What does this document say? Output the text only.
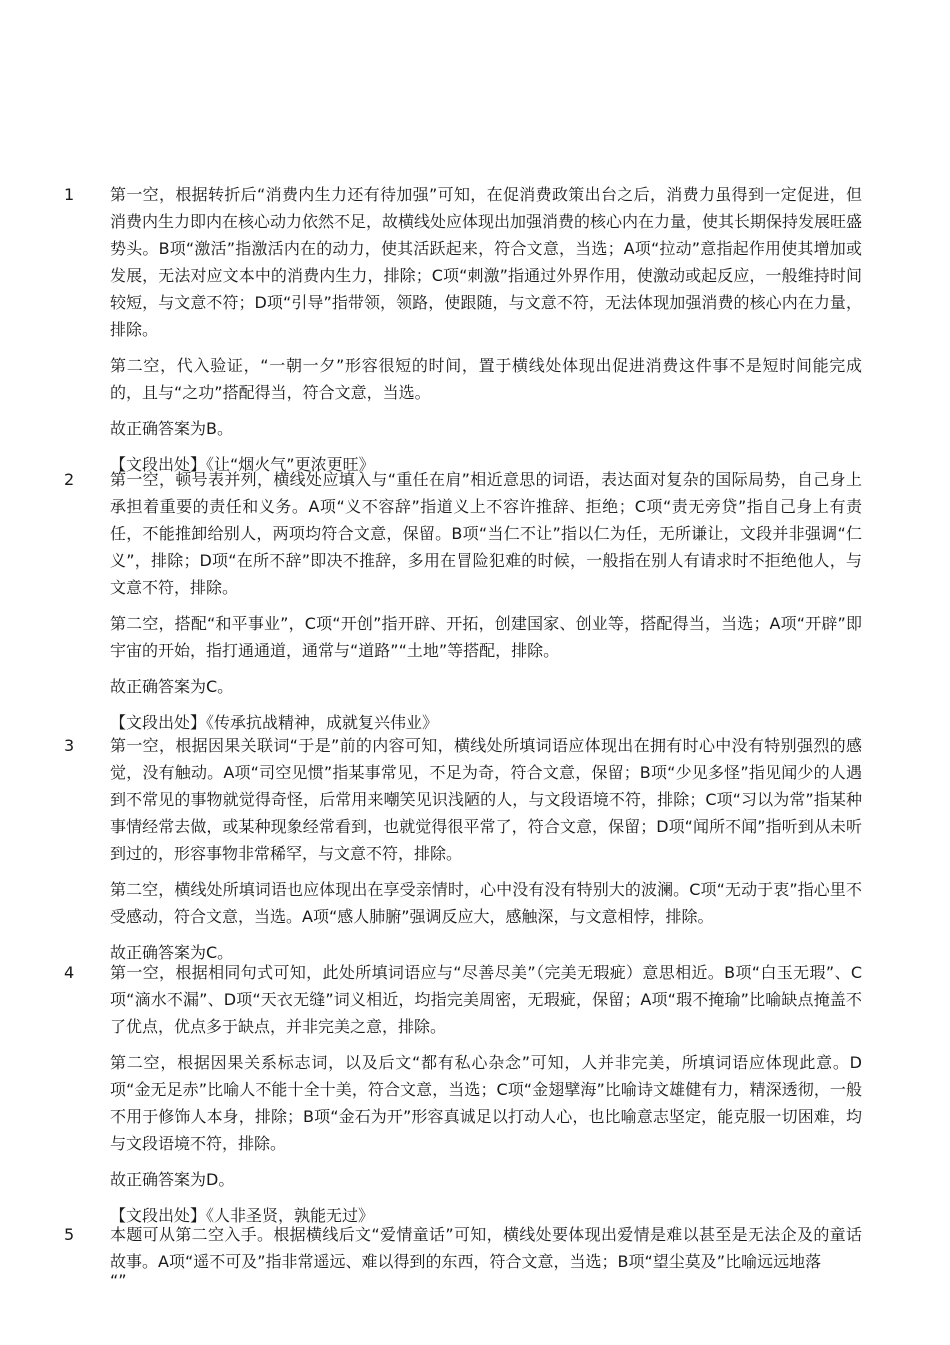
1 第一空，根据转折后“消费内生力还有待加强”可知，在促消费政策出台之后，消费力虽得到一定促进，但消费内生力即内在核心动力依然不足，故横线处应体现出加强消费的核心内在力量，使其长期保持发展旺盛势头。B项“激活”指激活内在的动力，使其活跃起来，符合文意，当选；A项“拉动”意指起作用使其增加或发展，无法对应文本中的消费内生力，排除；C项“刺激”指通过外界作用，使激动或起反应，一般维持时间较短，与文意不符；D项“引导”指带领，领路，使跟随，与文意不符，无法体现加强消费的核心内在力量，排除。

第二空，代入验证，“一朝一夕”形容很短的时间，置于横线处体现出促进消费这件事不是短时间能完成的，且与“之功”搭配得当，符合文意，当选。

故正确答案为B。

【文段出处】《让“烟火气”更浓更旺》

2 第一空，顿号表并列，横线处应填入与“重任在肩”相近意思的词语，表达面对复杂的国际局势，自己身上承担着重要的责任和义务。A项“义不容辞”指道义上不容许推辞、拒绝；C项“责无旁贷”指自己身上有责任，不能推卸给别人，两项均符合文意，保留。B项“当仁不让”指以仁为任，无所谦让，文段并非强调“仁义”，排除；D项“在所不辞”即决不推辞，多用在冒险犯难的时候，一般指在别人有请求时不拒绝他人，与文意不符，排除。

第二空，搭配“和平事业”，C项“开创”指开辟、开拓，创建国家、创业等，搭配得当，当选；A项“开辟”即宇宙的开始，指打通通道，通常与“道路”“土地”等搭配，排除。

故正确答案为C。

【文段出处】《传承抗战精神，成就复兴伟业》

3 第一空，根据因果关联词“于是”前的内容可知，横线处所填词语应体现出在拥有时心中没有特别强烈的感觉，没有触动。A项“司空见惯”指某事常见，不足为奇，符合文意，保留；B项“少见多怪”指见闻少的人遇到不常见的事物就觉得奇怪，后常用来嘲笑见识浅陋的人，与文段语境不符，排除；C项“习以为常”指某种事情经常去做，或某种现象经常看到，也就觉得很平常了，符合文意，保留；D项“闻所不闻”指听到从未听到过的，形容事物非常稀罕，与文意不符，排除。

第二空，横线处所填词语也应体现出在享受亲情时，心中没有没有特别大的波澜。C项“无动于衷”指心里不受感动，符合文意，当选。A项“感人肺腑”强调反应大，感触深，与文意相悖，排除。

故正确答案为C。

4 第一空，根据相同句式可知，此处所填词语应与“尽善尽美”（完美无瑕疵）意思相近。B项“白玉无瑕”、C项“滴水不漏”、D项“天衣无缝”词义相近，均指完美周密，无瑕疵，保留；A项“瑕不掩瑜”比喻缺点掩盖不了优点，优点多于缺点，并非完美之意，排除。

第二空，根据因果关系标志词，以及后文“都有私心杂念”可知，人并非完美，所填词语应体现此意。D项“金无足赤”比喻人不能十全十美，符合文意，当选；C项“金翅擘海”比喻诗文雄健有力，精深透彻，一般不用于修饰人本身，排除；B项“金石为开”形容真诚足以打动人心，也比喻意志坚定，能克服一切困难，均与文段语境不符，排除。

故正确答案为D。

【文段出处】《人非圣贤，孰能无过》

5 本题可从第二空入手。根据横线后文“爱情童话”可知，横线处要体现出爱情是难以甚至是无法企及的童话故事。A项“遥不可及”指非常遥远、难以得到的东西，符合文意，当选；B项“望尘莫及”比喻远远地落

“”
